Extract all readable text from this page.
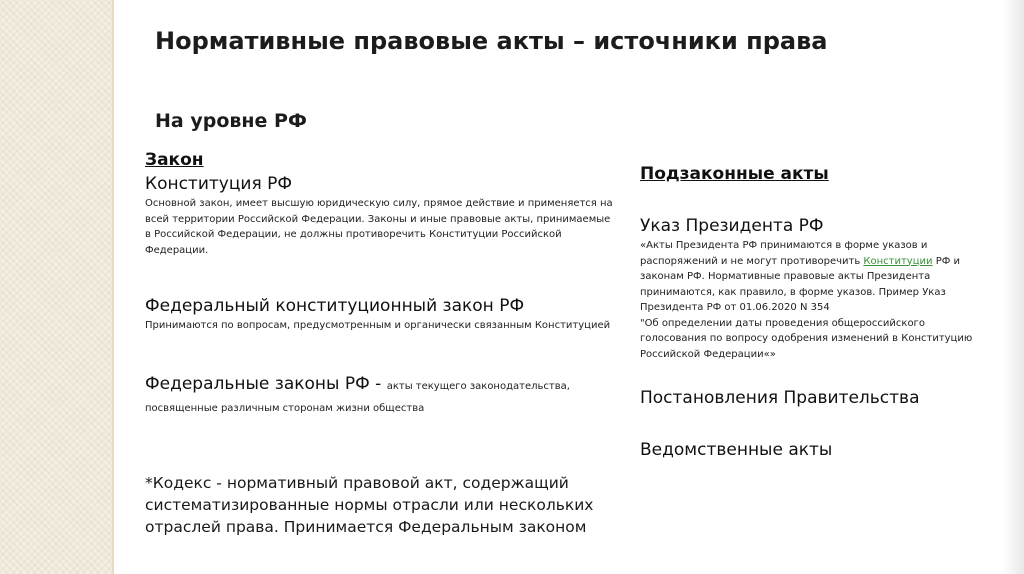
Нормативные правовые акты – источники права
На уровне РФ
Закон
Конституция РФ
Основной закон, имеет высшую юридическую силу, прямое действие и применяется на всей территории Российской Федерации. Законы и иные правовые акты, принимаемые в Российской Федерации, не должны противоречить Конституции Российской Федерации.
Федеральный конституционный закон РФ
Принимаются по вопросам, предусмотренным и органически связанным Конституцией
Федеральные законы РФ - акты текущего законодательства, посвященные различным сторонам жизни общества
*Кодекс - нормативный правовой акт, содержащий систематизированные нормы отрасли или нескольких отраслей права. Принимается Федеральным законом
Подзаконные акты
Указ Президента РФ
«Акты Президента РФ принимаются в форме указов и распоряжений и не могут противоречить Конституции РФ и законам РФ. Нормативные правовые акты Президента принимаются, как правило, в форме указов. Пример Указ Президента РФ от 01.06.2020 N 354
"Об определении даты проведения общероссийского голосования по вопросу одобрения изменений в Конституцию Российской Федерации«»
Постановления Правительства
Ведомственные акты
